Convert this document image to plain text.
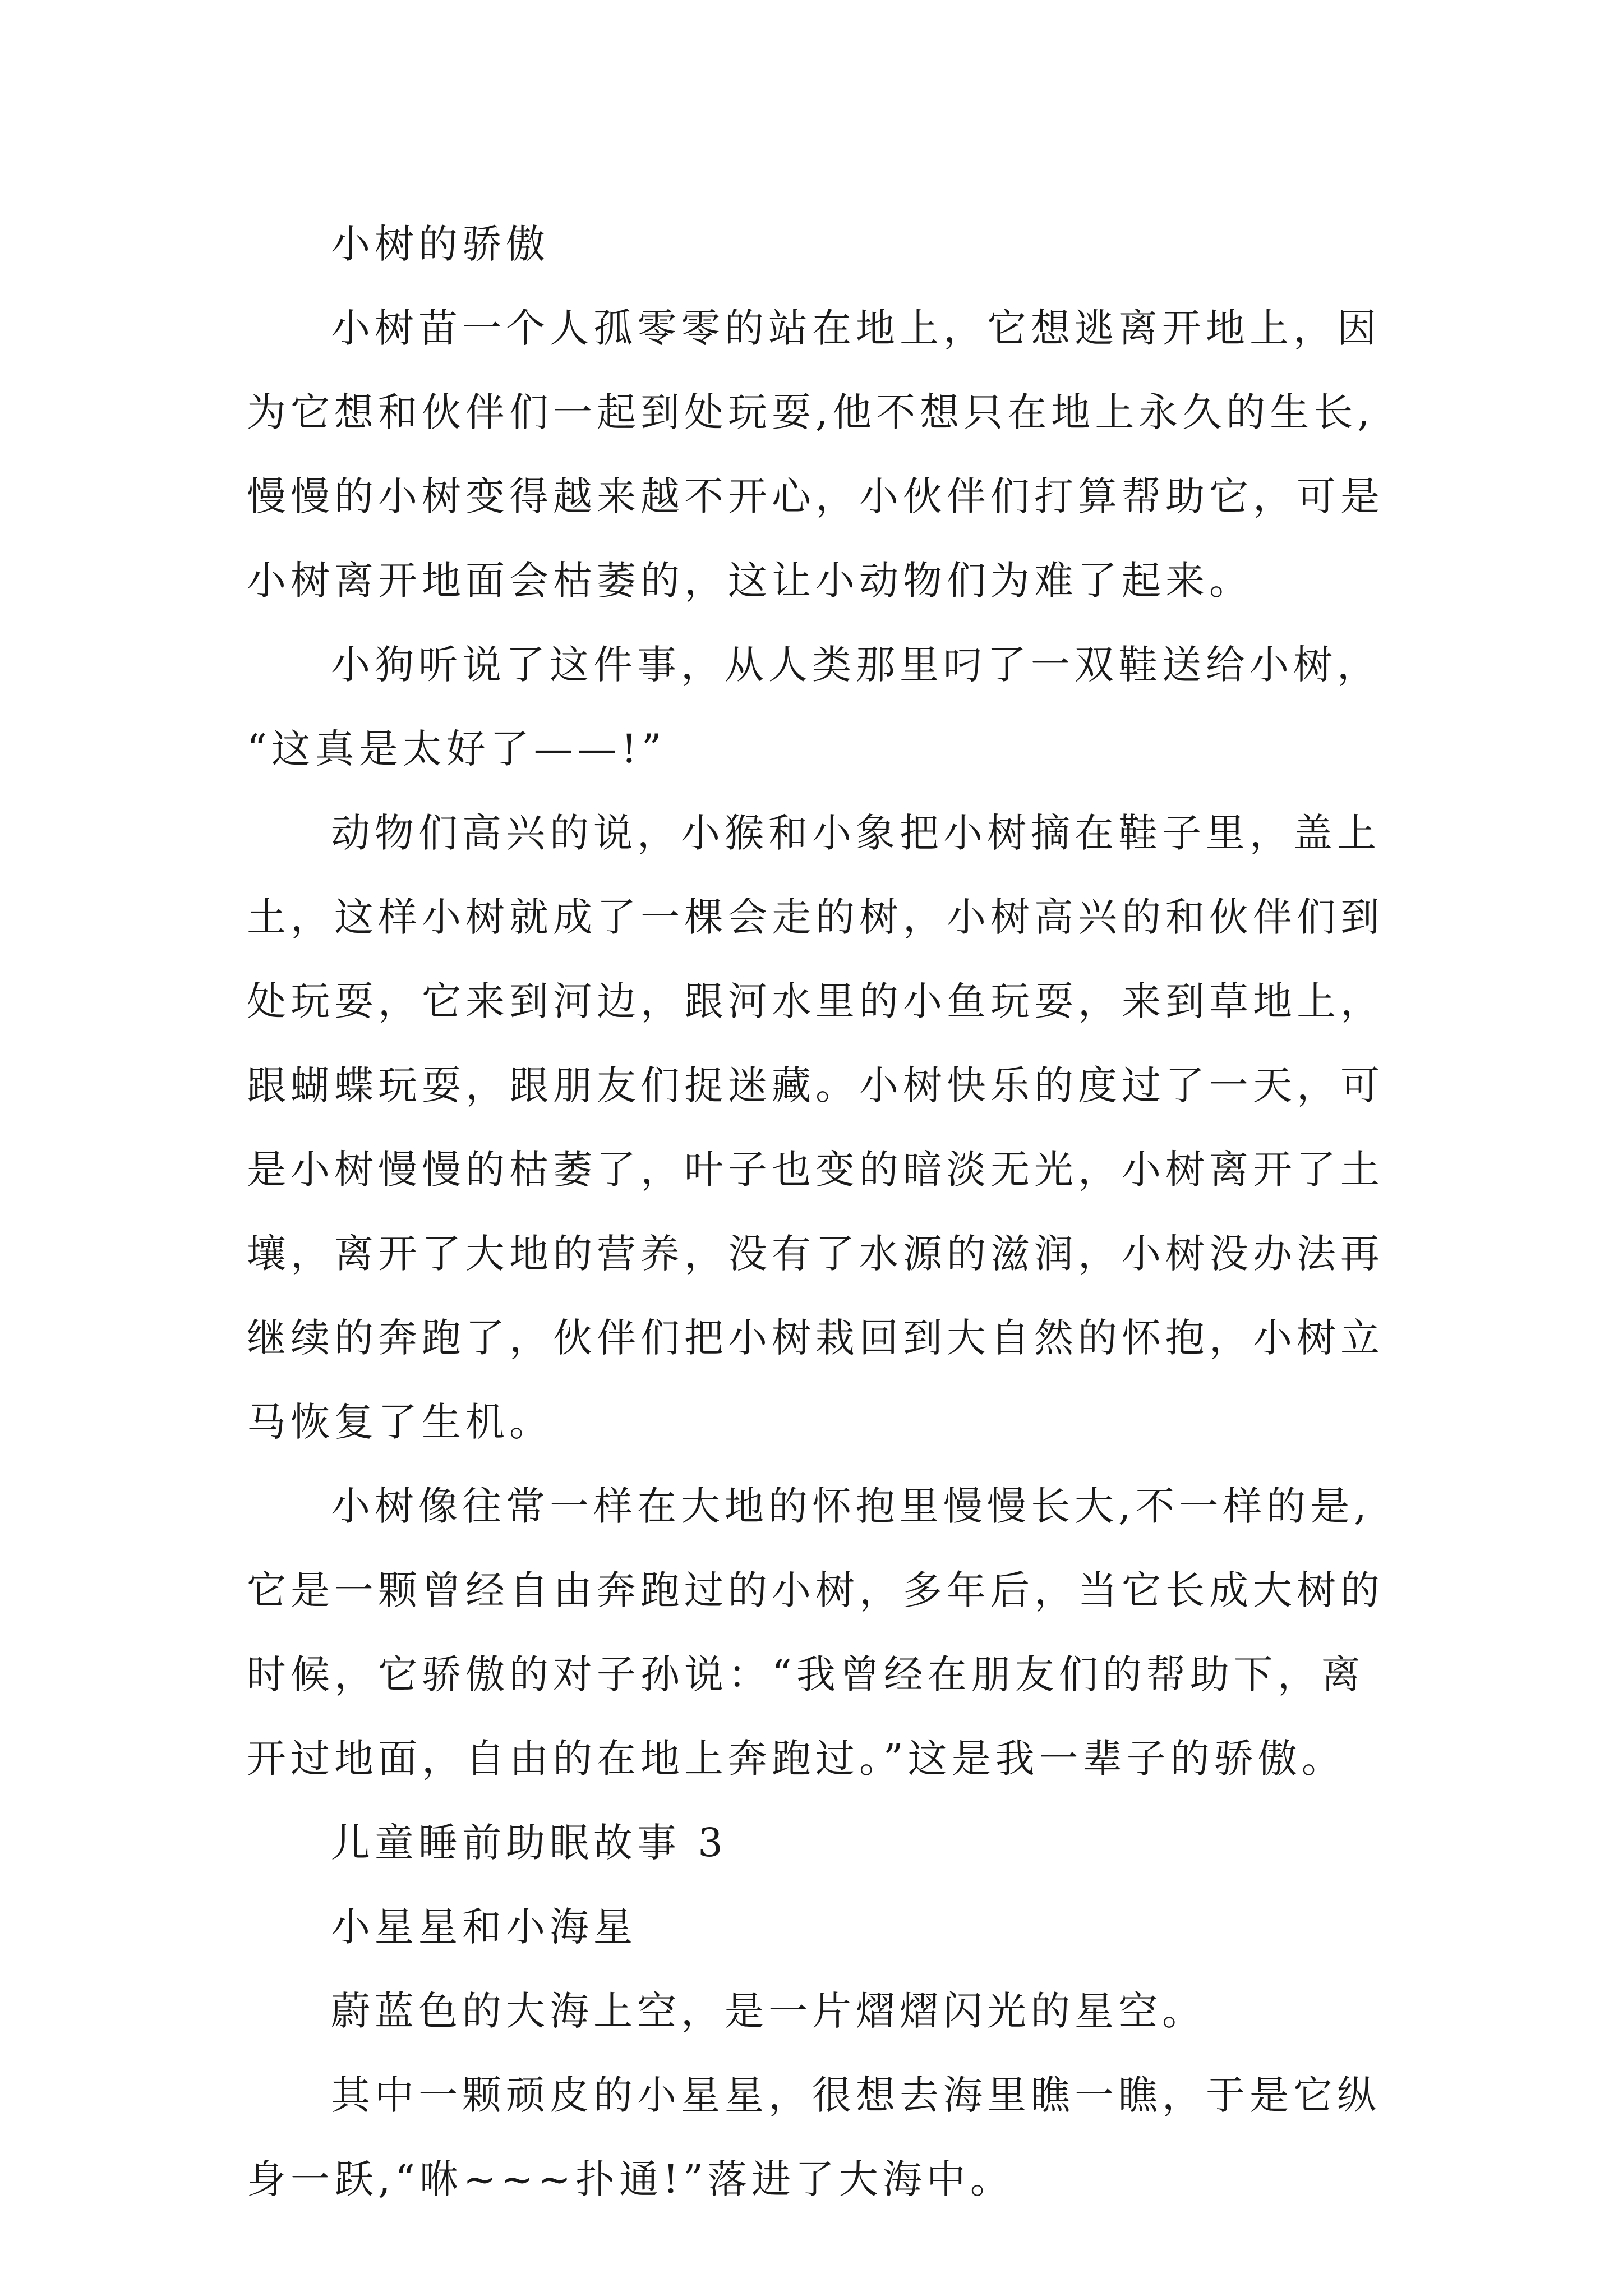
小树的骄傲
小树苗一个人孤零零的站在地上，它想逃离开地上，因
为它想和伙伴们一起到处玩耍,他不想只在地上永久的生长,
慢慢的小树变得越来越不开心，小伙伴们打算帮助它，可是
小树离开地面会枯萎的，这让小动物们为难了起来。
小狗听说了这件事，从人类那里叼了一双鞋送给小树，
“这真是太好了——!”
动物们高兴的说，小猴和小象把小树摘在鞋子里，盖上
土，这样小树就成了一棵会走的树，小树高兴的和伙伴们到
处玩耍，它来到河边，跟河水里的小鱼玩耍，来到草地上，
跟蝴蝶玩耍，跟朋友们捉迷藏。小树快乐的度过了一天，可
是小树慢慢的枯萎了，叶子也变的暗淡无光，小树离开了土
壤，离开了大地的营养，没有了水源的滋润，小树没办法再
继续的奔跑了，伙伴们把小树栽回到大自然的怀抱，小树立
马恢复了生机。
小树像往常一样在大地的怀抱里慢慢长大,不一样的是,
它是一颗曾经自由奔跑过的小树，多年后，当它长成大树的
时候，它骄傲的对子孙说：“我曾经在朋友们的帮助下，离
开过地面，自由的在地上奔跑过。”这是我一辈子的骄傲。
儿童睡前助眠故事 3
小星星和小海星
蔚蓝色的大海上空，是一片熠熠闪光的星空。
其中一颗顽皮的小星星，很想去海里瞧一瞧，于是它纵
身一跃,“咻~~~扑通!”落进了大海中。
